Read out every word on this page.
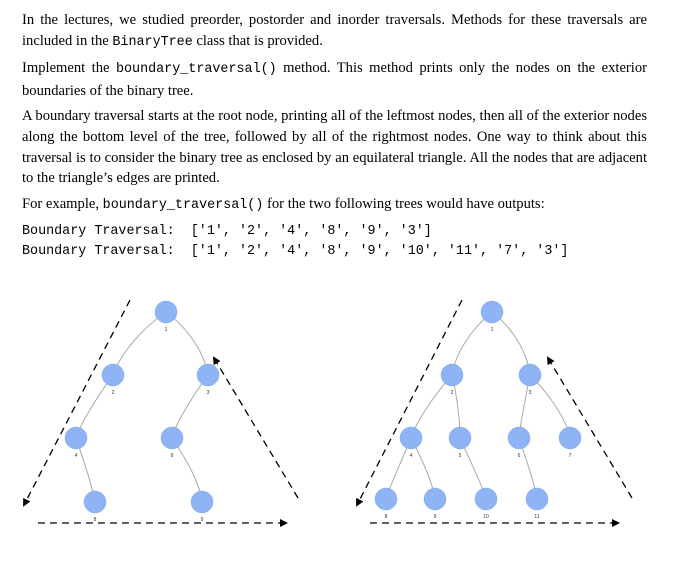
In the lectures, we studied preorder, postorder and inorder traversals. Methods for these traversals are included in the BinaryTree class that is provided.

Implement the boundary_traversal() method. This method prints only the nodes on the exterior boundaries of the binary tree.

A boundary traversal starts at the root node, printing all of the leftmost nodes, then all of the exterior nodes along the bottom level of the tree, followed by all of the rightmost nodes. One way to think about this traversal is to consider the binary tree as enclosed by an equilateral triangle. All the nodes that are adjacent to the triangle’s edges are printed.

For example, boundary_traversal() for the two following trees would have outputs:

Boundary Traversal:  ['1', '2', '4', '8', '9', '3']
Boundary Traversal:  ['1', '2', '4', '8', '9', '10', '11', '7', '3']
1
2	3
4	6
8	9
1
2	3
4	5	6	7
8	9	10	11
